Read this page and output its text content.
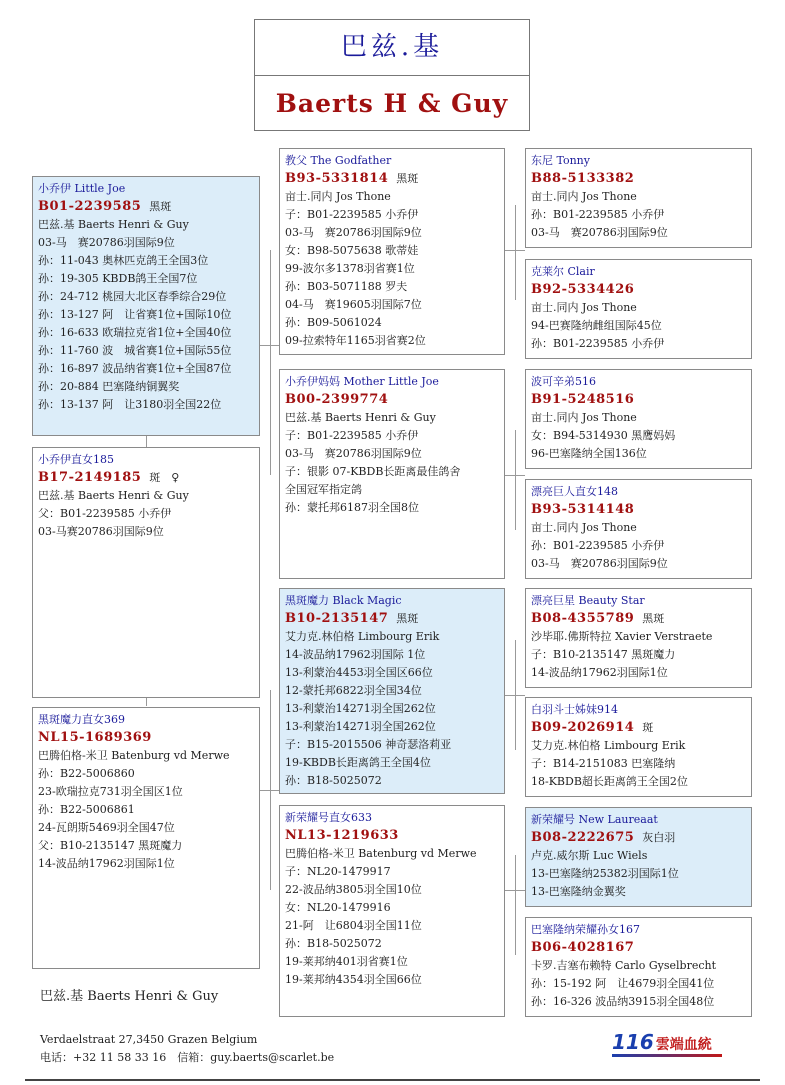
巴兹.基
Baerts H & Guy
小乔伊 Little Joe
B01-2239585 黑斑
巴兹.基 Baerts Henri & Guy
03-马　赛20786羽国际9位
孙：11-043 奥林匹克鸽王全国3位
孙：19-305 KBDB鸽王全国7位
孙：24-712 桃园大北区春季综合29位
孙：13-127 阿　让省赛1位+国际10位
孙：16-633 欧瑞拉克省1位+全国40位
孙：11-760 波　城省赛1位+国际55位
孙：16-897 波品纳省赛1位+全国87位
孙：20-884 巴塞隆纳铜翼奖
孙：13-137 阿　让3180羽全国22位
教父 The Godfather
B93-5331814 黑斑
亩士.同内 Jos Thone
子：B01-2239585 小乔伊
03-马　赛20786羽国际9位
女：B98-5075638 歌蒂娃
99-波尔多1378羽省赛1位
孙：B03-5071188 罗夫
04-马　赛19605羽国际7位
孙：B09-5061024
09-拉索特年1165羽省赛2位
小乔伊妈妈 Mother Little Joe
B00-2399774
巴兹.基 Baerts Henri & Guy
子：B01-2239585 小乔伊
03-马　赛20786羽国际9位
子：银影 07-KBDB长距离最佳鸽舍
全国冠军指定鸽
孙：蒙托邦6187羽全国8位
东尼 Tonny
B88-5133382
亩士.同内 Jos Thone
孙：B01-2239585 小乔伊
03-马　赛20786羽国际9位
克莱尔 Clair
B92-5334426
亩士.同内 Jos Thone
94-巴赛隆纳雌组国际45位
孙：B01-2239585 小乔伊
波可辛弟516
B91-5248516
亩士.同内 Jos Thone
女：B94-5314930 黑鹰妈妈
96-巴塞隆纳全国136位
漂亮巨人直女148
B93-5314148
亩士.同内 Jos Thone
孙：B01-2239585 小乔伊
03-马　赛20786羽国际9位
小乔伊直女185
B17-2149185 斑　♀
巴兹.基 Baerts Henri & Guy
父：B01-2239585 小乔伊
03-马赛20786羽国际9位
黑斑魔力 Black Magic
B10-2135147 黑斑
艾力克.林伯格 Limbourg Erik
14-波品纳17962羽国际 1位
13-利蒙治4453羽全国区66位
12-蒙托邦6822羽全国34位
13-利蒙治14271羽全国262位
13-利蒙治14271羽全国262位
子：B15-2015506 神奇瑟洛莉亚
19-KBDB长距离鸽王全国4位
孙：B18-5025072
黑斑魔力直女369
NL15-1689369
巴腾伯格-米卫 Batenburg vd Merwe
孙：B22-5006860
23-欧瑞拉克731羽全国区1位
孙：B22-5006861
24-瓦朗斯5469羽全国47位
父：B10-2135147 黑斑魔力
14-波品纳17962羽国际1位
新荣耀号直女633
NL13-1219633
巴腾伯格-米卫 Batenburg vd Merwe
子：NL20-1479917
22-波品纳3805羽全国10位
女：NL20-1479916
21-阿　让6804羽全国11位
孙：B18-5025072
19-莱邦纳401羽省赛1位
19-莱邦纳4354羽全国66位
漂亮巨星 Beauty Star
B08-4355789 黑斑
沙毕耶.佛斯特拉 Xavier Verstraete
子：B10-2135147 黑斑魔力
14-波品纳17962羽国际1位
白羽斗士姊妹914
B09-2026914 斑
艾力克.林伯格 Limbourg Erik
子：B14-2151083 巴塞隆纳
18-KBDB超长距离鸽王全国2位
新荣耀号 New Laureaat
B08-2222675 灰白羽
卢克.威尔斯 Luc Wiels
13-巴塞隆纳25382羽国际1位
13-巴塞隆纳金翼奖
巴塞隆纳荣耀孙女167
B06-4028167
卡罗.吉塞布赖特 Carlo Gyselbrecht
孙：15-192 阿　让4679羽全国41位
孙：16-326 波品纳3915羽全国48位
巴兹.基 Baerts Henri & Guy
Verdaelstraat 27,3450 Grazen Belgium
电话：+32 11 58 33 16　信箱：guy.baerts@scarlet.be
116 雲端血統
